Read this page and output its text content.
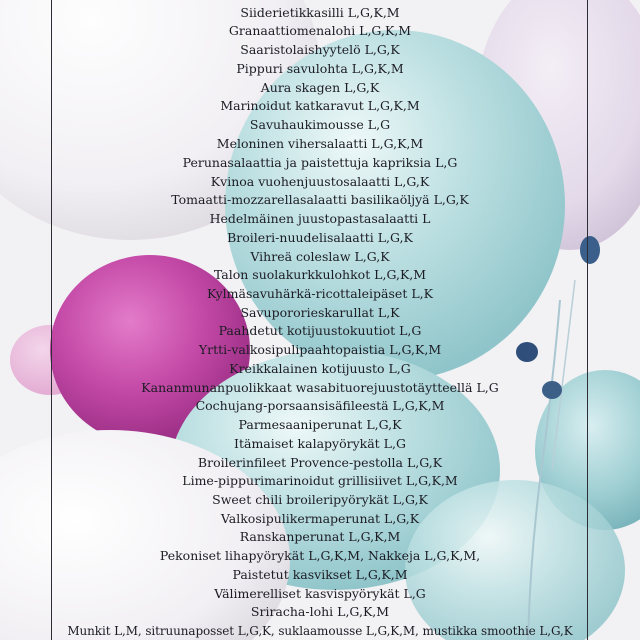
Siiderietikkasilli L,G,K,M
Granaattiomenalohi L,G,K,M
Saaristolaishyytelö L,G,K
Pippuri savulohta L,G,K,M
Aura skagen L,G,K
Marinoidut katkaravut L,G,K,M
Savuhaukimousse L,G
Meloninen vihersalaatti L,G,K,M
Perunasalaattia ja paistettuja kapriksia L,G
Kvinoa vuohenjuustosalaatti L,G,K
Tomaatti-mozzarellasalaatti basilikaöljyä L,G,K
Hedelmäinen juustopastasalaatti L
Broileri-nuudelisalaatti L,G,K
Vihreä coleslaw L,G,K
Talon suolakurkkulohkot L,G,K,M
Kylmäsavuhärkä-ricottaleipäset L,K
Savupororieskarullat L,K
Paahdetut kotijuustokuutiot L,G
Yrtti-valkosipulipaahtopaistia L,G,K,M
Kreikkalainen kotijuusto L,G
Kananmunanpuolikkaat wasabituorejuustotäytteellä L,G
Cochujang-porsaansisäfileestä L,G,K,M
Parmesaaniperunat L,G,K
Itämaiset kalapyörykät L,G
Broilerinfileet Provence-pestolla L,G,K
Lime-pippurimarinoidut grillisiivet L,G,K,M
Sweet chili broileripyörykät L,G,K
Valkosipulikermaperunat L,G,K
Ranskanperunat L,G,K,M
Pekoniset lihapyörykät L,G,K,M, Nakkeja L,G,K,M,
Paistetut kasvikset L,G,K,M
Välimerelliset kasvispyörykät L,G
Sriracha-lohi L,G,K,M
Munkit L,M, sitruunaposset L,G,K, suklaamousse L,G,K,M, mustikka smoothie L,G,K
